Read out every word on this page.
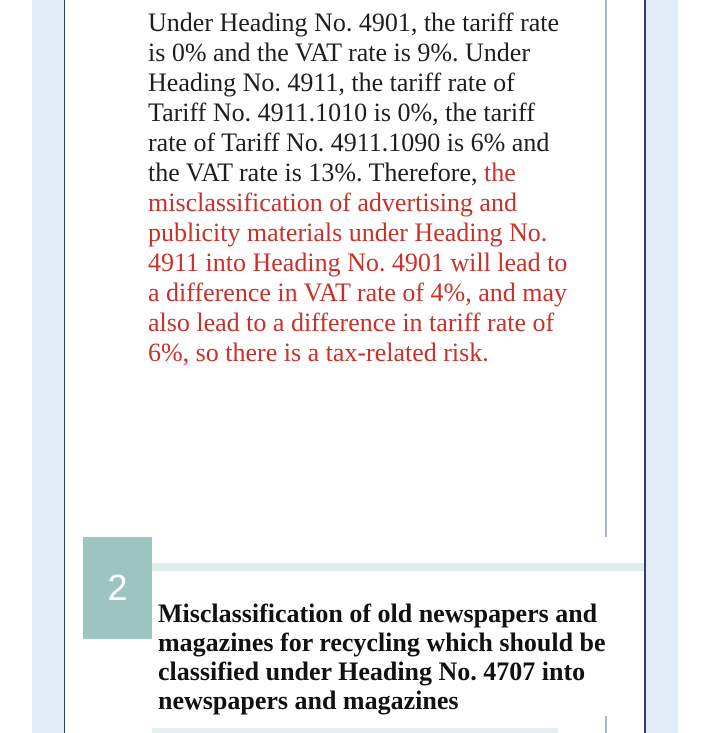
Under Heading No. 4901, the tariff rate is 0% and the VAT rate is 9%. Under Heading No. 4911, the tariff rate of Tariff No. 4911.1010 is 0%, the tariff rate of Tariff No. 4911.1090 is 6% and the VAT rate is 13%. Therefore, the misclassification of advertising and publicity materials under Heading No. 4911 into Heading No. 4901 will lead to a difference in VAT rate of 4%, and may also lead to a difference in tariff rate of 6%, so there is a tax-related risk.

2

Misclassification of old newspapers and magazines for recycling which should be classified under Heading No. 4707 into newspapers and magazines
